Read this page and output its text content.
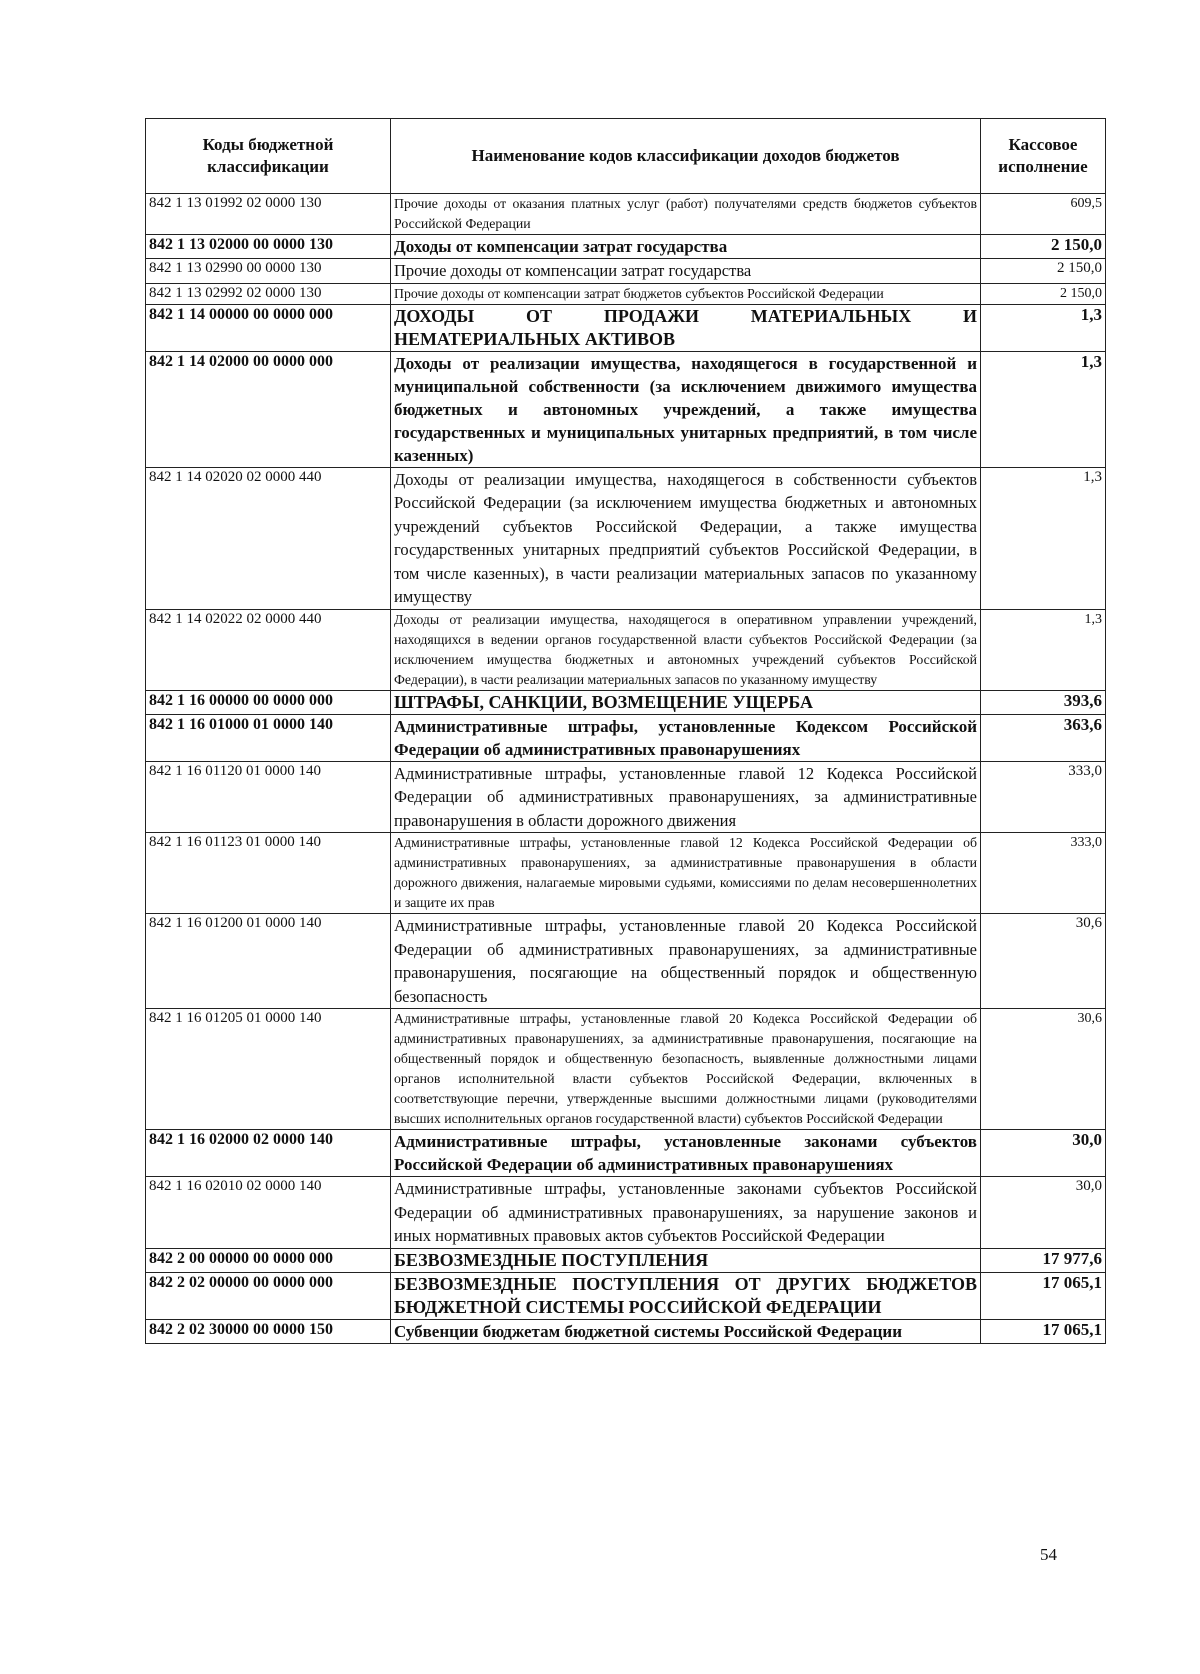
Коды бюджетной классификации	Наименование кодов классификации доходов бюджетов	Кассовое исполнение
842 1 13 01992 02 0000 130	Прочие доходы от оказания платных услуг (работ) получателями средств бюджетов субъектов Российской Федерации	609,5
842 1 13 02000 00 0000 130	Доходы от компенсации затрат государства	2 150,0
842 1 13 02990 00 0000 130	Прочие доходы от компенсации затрат государства	2 150,0
842 1 13 02992 02 0000 130	Прочие доходы от компенсации затрат бюджетов субъектов Российской Федерации	2 150,0
842 1 14 00000 00 0000 000	ДОХОДЫ ОТ ПРОДАЖИ МАТЕРИАЛЬНЫХ И НЕМАТЕРИАЛЬНЫХ АКТИВОВ	1,3
842 1 14 02000 00 0000 000	Доходы от реализации имущества, находящегося в государственной и муниципальной собственности (за исключением движимого имущества бюджетных и автономных учреждений, а также имущества государственных и муниципальных унитарных предприятий, в том числе казенных)	1,3
842 1 14 02020 02 0000 440	Доходы от реализации имущества, находящегося в собственности субъектов Российской Федерации (за исключением имущества бюджетных и автономных учреждений субъектов Российской Федерации, а также имущества государственных унитарных предприятий субъектов Российской Федерации, в том числе казенных), в части реализации материальных запасов по указанному имуществу	1,3
842 1 14 02022 02 0000 440	Доходы от реализации имущества, находящегося в оперативном управлении учреждений, находящихся в ведении органов государственной власти субъектов Российской Федерации (за исключением имущества бюджетных и автономных учреждений субъектов Российской Федерации), в части реализации материальных запасов по указанному имуществу	1,3
842 1 16 00000 00 0000 000	ШТРАФЫ, САНКЦИИ, ВОЗМЕЩЕНИЕ УЩЕРБА	393,6
842 1 16 01000 01 0000 140	Административные штрафы, установленные Кодексом Российской Федерации об административных правонарушениях	363,6
842 1 16 01120 01 0000 140	Административные штрафы, установленные главой 12 Кодекса Российской Федерации об административных правонарушениях, за административные правонарушения в области дорожного движения	333,0
842 1 16 01123 01 0000 140	Административные штрафы, установленные главой 12 Кодекса Российской Федерации об административных правонарушениях, за административные правонарушения в области дорожного движения, налагаемые мировыми судьями, комиссиями по делам несовершеннолетних и защите их прав	333,0
842 1 16 01200 01 0000 140	Административные штрафы, установленные главой 20 Кодекса Российской Федерации об административных правонарушениях, за административные правонарушения, посягающие на общественный порядок и общественную безопасность	30,6
842 1 16 01205 01 0000 140	Административные штрафы, установленные главой 20 Кодекса Российской Федерации об административных правонарушениях, за административные правонарушения, посягающие на общественный порядок и общественную безопасность, выявленные должностными лицами органов исполнительной власти субъектов Российской Федерации, включенных в соответствующие перечни, утвержденные высшими должностными лицами (руководителями высших исполнительных органов государственной власти) субъектов Российской Федерации	30,6
842 1 16 02000 02 0000 140	Административные штрафы, установленные законами субъектов Российской Федерации об административных правонарушениях	30,0
842 1 16 02010 02 0000 140	Административные штрафы, установленные законами субъектов Российской Федерации об административных правонарушениях, за нарушение законов и иных нормативных правовых актов субъектов Российской Федерации	30,0
842 2 00 00000 00 0000 000	БЕЗВОЗМЕЗДНЫЕ ПОСТУПЛЕНИЯ	17 977,6
842 2 02 00000 00 0000 000	БЕЗВОЗМЕЗДНЫЕ ПОСТУПЛЕНИЯ ОТ ДРУГИХ БЮДЖЕТОВ БЮДЖЕТНОЙ СИСТЕМЫ РОССИЙСКОЙ ФЕДЕРАЦИИ	17 065,1
842 2 02 30000 00 0000 150	Субвенции бюджетам бюджетной системы Российской Федерации	17 065,1
54
